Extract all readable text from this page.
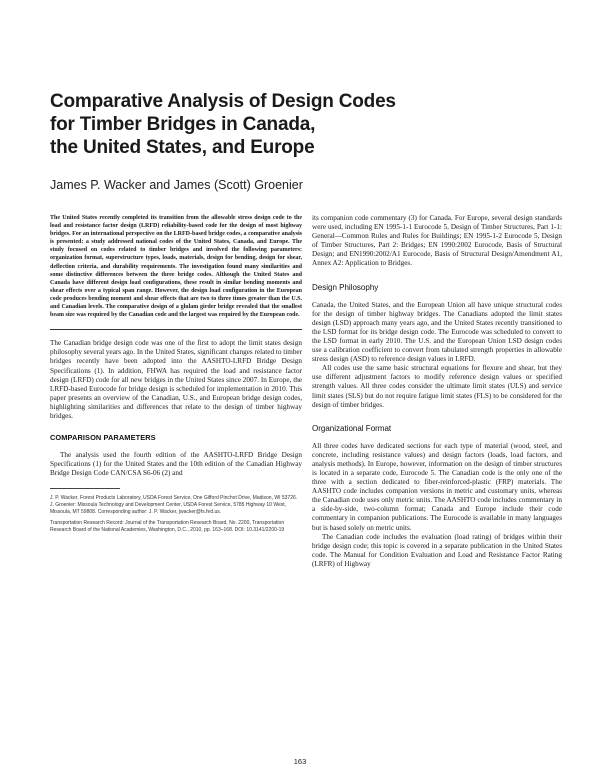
Comparative Analysis of Design Codes
for Timber Bridges in Canada,
the United States, and Europe
James P. Wacker and James (Scott) Groenier

The United States recently completed its transition from the allowable stress design code to the load and resistance factor design (LRFD) reliability-based code for the design of most highway bridges. For an international perspective on the LRFD-based bridge codes, a comparative analysis is presented: a study addressed national codes of the United States, Canada, and Europe. The study focused on codes related to timber bridges and involved the following parameters: organization format, superstructure types, loads, materials, design for bending, design for shear, deflection criteria, and durability requirements. The investigation found many similarities and some distinctive differences between the three bridge codes. Although the United States and Canada have different design load configurations, these result in similar bending moments and shear effects over a typical span range. However, the design load configuration in the European code produces bending moment and shear effects that are two to three times greater than the U.S. and Canadian levels. The comparative design of a glulam girder bridge revealed that the smallest beam size was required by the Canadian code and the largest was required by the European code.

The Canadian bridge design code was one of the first to adopt the limit states design philosophy several years ago. In the United States, significant changes related to timber bridges recently have been adopted into the AASHTO-LRFD Bridge Design Specifications (1). In addition, FHWA has required the load and resistance factor design (LRFD) code for all new bridges in the United States since 2007. In Europe, the LRFD-based Eurocode for bridge design is scheduled for implementation in 2010. This paper presents an overview of the Canadian, U.S., and European bridge design codes, highlighting similarities and differences that relate to the design of timber highway bridges.

COMPARISON PARAMETERS

The analysis used the fourth edition of the AASHTO-LRFD Bridge Design Specifications (1) for the United States and the 10th edition of the Canadian Highway Bridge Design Code CAN/CSA S6-06 (2) and

J. P. Wacker, Forest Products Laboratory, USDA Forest Service, One Gifford Pinchot Drive, Madison, WI 53726. J. Groenier: Missoula Technology and Development Center, USDA Forest Service, 5785 Highway 10 West, Missoula, MT 59808. Corresponding author: J. P. Wacker, jwacker@fs.fed.us.

Transportation Research Record: Journal of the Transportation Research Board, No. 2200, Transportation Research Board of the National Academies, Washington, D.C., 2010, pp. 163–168. DOI: 10.3141/2200-19

its companion code commentary (3) for Canada. For Europe, several design standards were used, including EN 1995-1-1 Eurocode 5, Design of Timber Structures, Part 1-1: General—Common Rules and Rules for Buildings; EN 1995-1-2 Eurocode 5, Design of Timber Structures, Part 2: Bridges; EN 1990:2002 Eurocode, Basis of Structural Design; and EN1990:2002/A1 Eurocode, Basis of Structural Design/Amendment A1, Annex A2: Application to Bridges.

Design Philosophy

Canada, the United States, and the European Union all have unique structural codes for the design of timber highway bridges. The Canadians adopted the limit states design (LSD) approach many years ago, and the United States recently transitioned to the LSD format for its bridge design code. The Eurocode was scheduled to convert to the LSD format in early 2010. The U.S. and the European Union LSD design codes use a calibration coefficient to convert from tabulated strength properties in allowable stress design (ASD) to reference design values in LRFD.

All codes use the same basic structural equations for flexure and shear, but they use different adjustment factors to modify reference design values or specified strength values. All three codes consider the ultimate limit states (ULS) and service limit states (SLS) but do not require fatigue limit states (FLS) to be considered for the design of timber bridges.

Organizational Format

All three codes have dedicated sections for each type of material (wood, steel, and concrete, including resistance values) and design factors (loads, load factors, and analysis methods). In Europe, however, information on the design of timber structures is located in a separate code, Eurocode 5. The Canadian code is the only one of the three with a section dedicated to fiber-reinforced-plastic (FRP) materials. The AASHTO code includes companion versions in metric and customary units, whereas the Canadian code uses only metric units. The AASHTO code includes commentary in a side-by-side, two-column format; Canada and Europe include their code commentary in companion publications. The Eurocode is available in many languages but is based solely on metric units.

The Canadian code includes the evaluation (load rating) of bridges within their bridge design code; this topic is covered in a separate publication in the United States code. The Manual for Condition Evaluation and Load and Resistance Factor Rating (LRFR) of Highway

163
